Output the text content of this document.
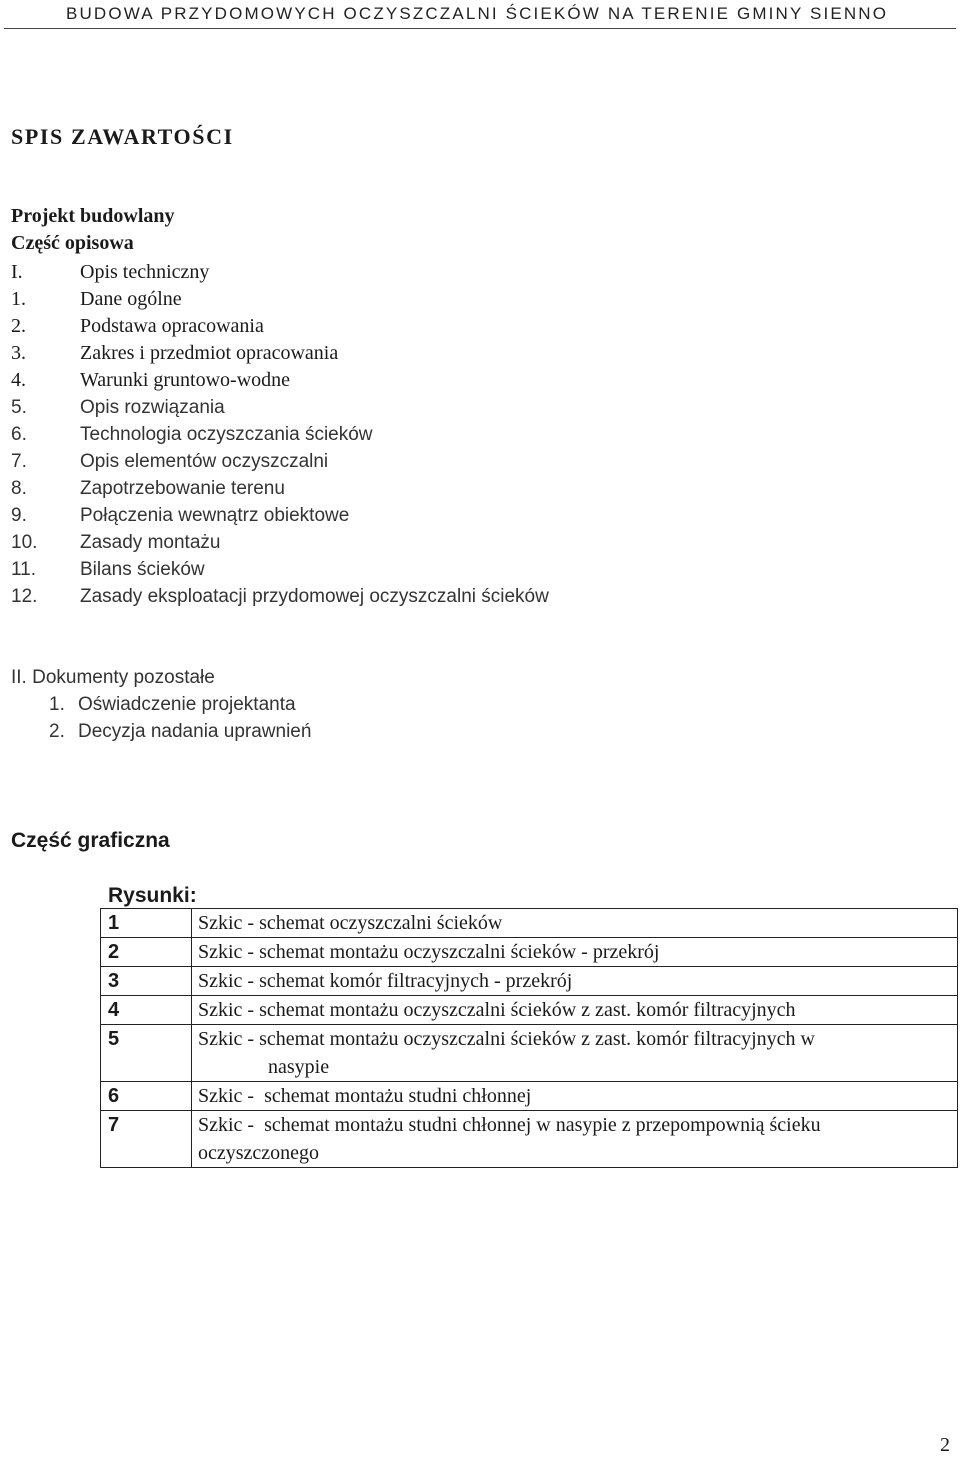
BUDOWA PRZYDOMOWYCH OCZYSZCZALNI ŚCIEKÓW NA TERENIE GMINY SIENNO
SPIS ZAWARTOŚCI
Projekt budowlany
Część opisowa
I.	Opis techniczny
1.	Dane ogólne
2.	Podstawa opracowania
3.	Zakres i przedmiot opracowania
4.	Warunki gruntowo-wodne
5.	Opis rozwiązania
6.	Technologia oczyszczania ścieków
7.	Opis elementów oczyszczalni
8.	Zapotrzebowanie terenu
9.	Połączenia wewnątrz obiektowe
10. Zasady montażu
11. Bilans ścieków
12. Zasady eksploatacji przydomowej oczyszczalni ścieków
II. Dokumenty pozostałe
1. Oświadczenie projektanta
2. Decyzja nadania uprawnień
Część graficzna
Rysunki:
1	Szkic - schemat oczyszczalni ścieków
2	Szkic - schemat montażu oczyszczalni ścieków - przekrój
3	Szkic - schemat komór filtracyjnych - przekrój
4	Szkic - schemat montażu oczyszczalni ścieków z zast. komór filtracyjnych
5	Szkic - schemat montażu oczyszczalni ścieków z zast. komór filtracyjnych w
nasypie

6	Szkic -  schemat montażu studni chłonnej
7	Szkic -  schemat montażu studni chłonnej w nasypie z przepompownią ścieku
oczyszczonego
2
